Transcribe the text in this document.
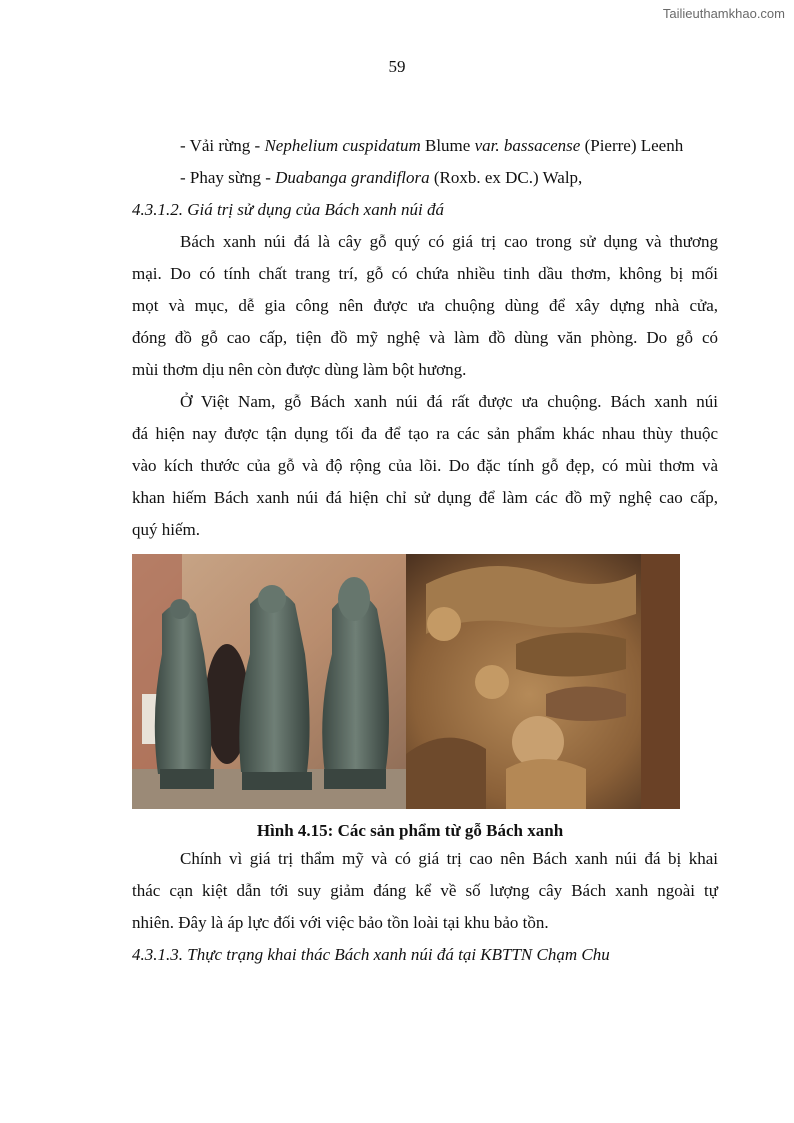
Tailieuthamkhao.com
59
- Vải rừng - Nephelium cuspidatum Blume var. bassacense (Pierre) Leenh
- Phay sừng - Duabanga grandiflora (Roxb. ex DC.) Walp,
4.3.1.2. Giá trị sử dụng của Bách xanh núi đá
Bách xanh núi đá là cây gỗ quý có giá trị cao trong sử dụng và thương
mại. Do có tính chất trang trí, gỗ có chứa nhiều tinh dầu thơm, không bị mối
mọt và mục, dễ gia công nên được ưa chuộng dùng để xây dựng nhà cửa,
đóng đồ gỗ cao cấp, tiện đồ mỹ nghệ và làm đồ dùng văn phòng. Do gỗ có
mùi thơm dịu nên còn được dùng làm bột hương.
Ở Việt Nam, gỗ Bách xanh núi đá rất được ưa chuộng. Bách xanh núi
đá hiện nay được tận dụng tối đa để tạo ra các sản phẩm khác nhau thùy thuộc
vào kích thước của gỗ và độ rộng của lõi. Do đặc tính gỗ đẹp, có mùi thơm và
khan hiếm Bách xanh núi đá hiện chỉ sử dụng để làm các đồ mỹ nghệ cao cấp,
quý hiếm.
Hình 4.15: Các sản phẩm từ gỗ Bách xanh
Chính vì giá trị thẩm mỹ và có giá trị cao nên Bách xanh núi đá bị khai
thác cạn kiệt dẫn tới suy giảm đáng kể về số lượng cây Bách xanh ngoài tự
nhiên. Đây là áp lực đối với việc bảo tồn loài tại khu bảo tồn.
4.3.1.3. Thực trạng khai thác Bách xanh núi đá tại KBTTN Chạm Chu
